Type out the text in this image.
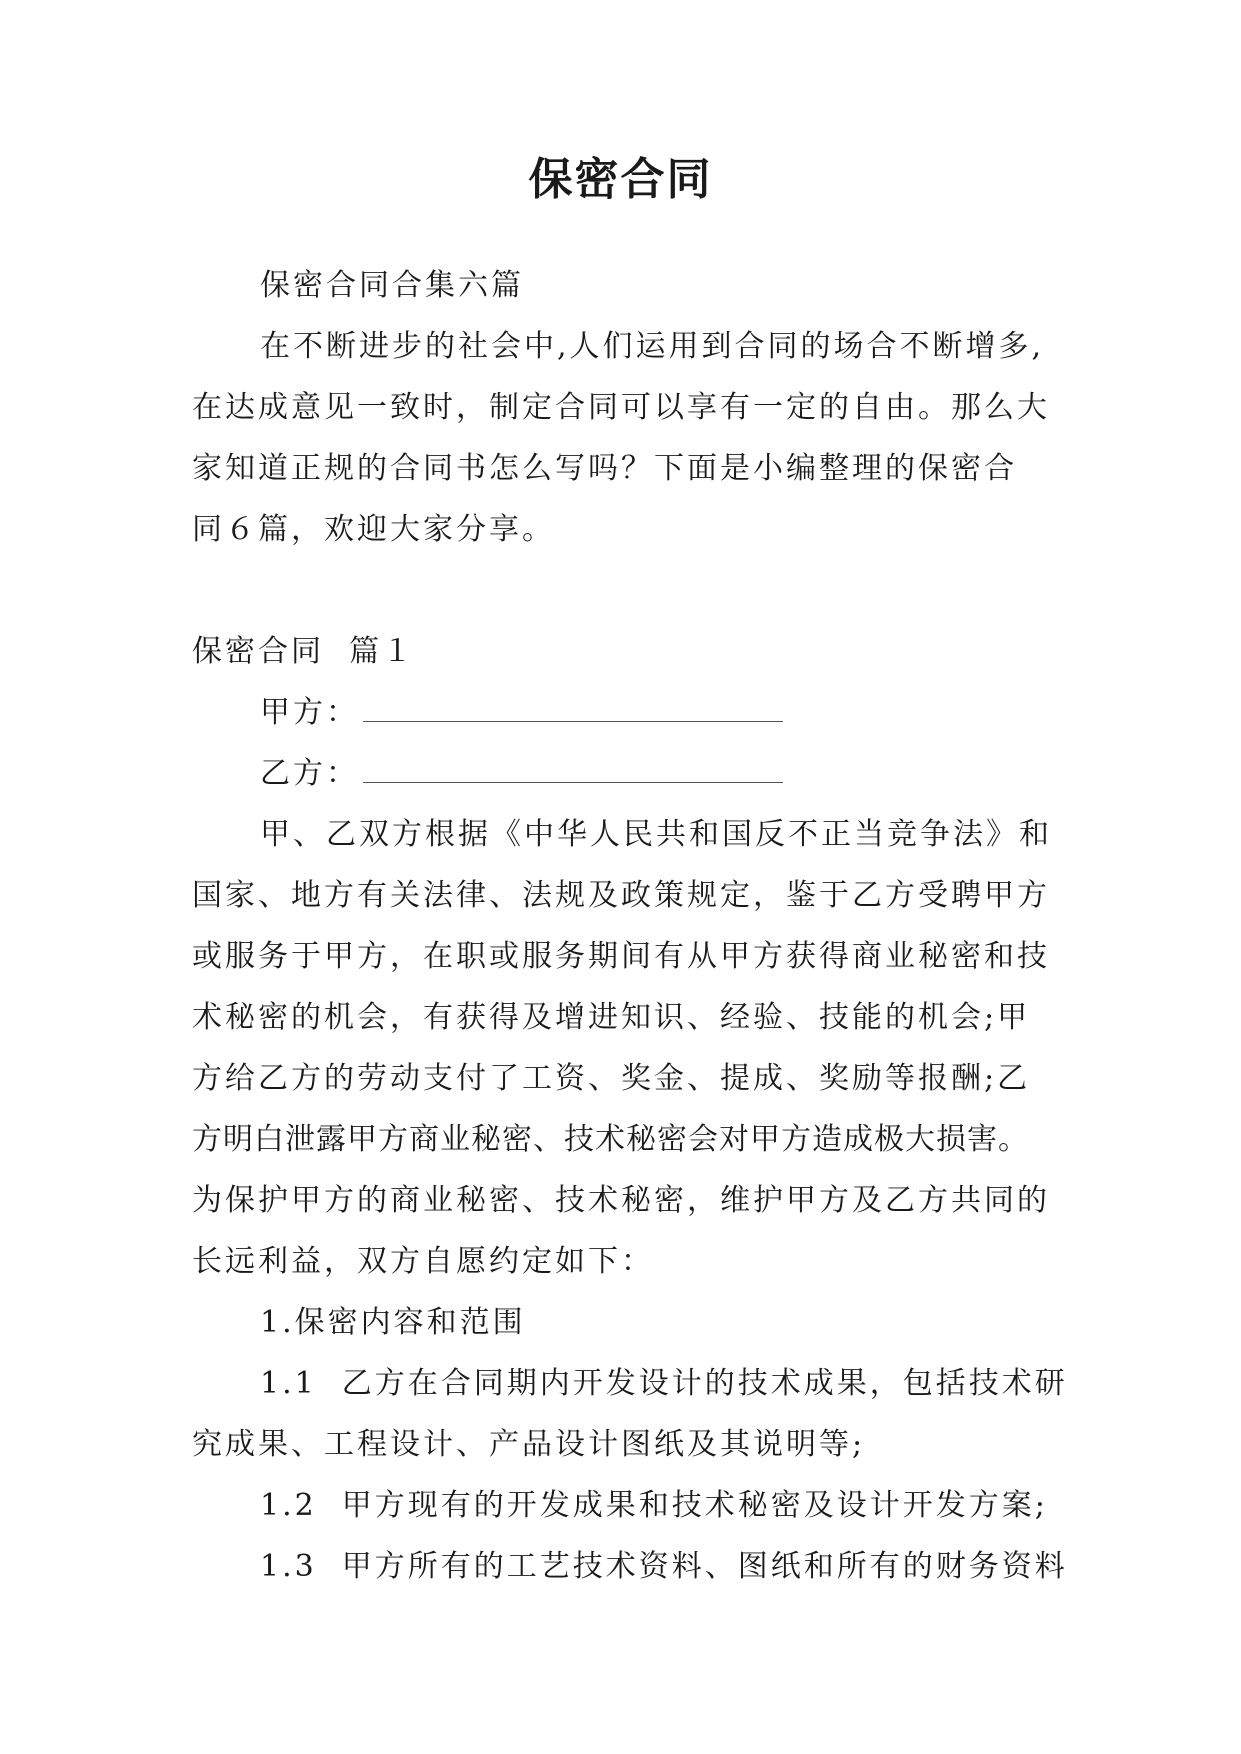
保密合同

保密合同合集六篇

在不断进步的社会中,人们运用到合同的场合不断增多,
在达成意见一致时，制定合同可以享有一定的自由。那么大
家知道正规的合同书怎么写吗？下面是小编整理的保密合
同６篇，欢迎大家分享。

保密合同  篇１

甲方：

乙方：

甲、乙双方根据《中华人民共和国反不正当竞争法》和
国家、地方有关法律、法规及政策规定，鉴于乙方受聘甲方
或服务于甲方，在职或服务期间有从甲方获得商业秘密和技
术秘密的机会，有获得及增进知识、经验、技能的机会;甲
方给乙方的劳动支付了工资、奖金、提成、奖励等报酬;乙
方明白泄露甲方商业秘密、技术秘密会对甲方造成极大损害。
为保护甲方的商业秘密、技术秘密，维护甲方及乙方共同的
长远利益，双方自愿约定如下：

1.保密内容和范围

1.1  乙方在合同期内开发设计的技术成果，包括技术研
究成果、工程设计、产品设计图纸及其说明等;

1.2  甲方现有的开发成果和技术秘密及设计开发方案;

1.3  甲方所有的工艺技术资料、图纸和所有的财务资料
